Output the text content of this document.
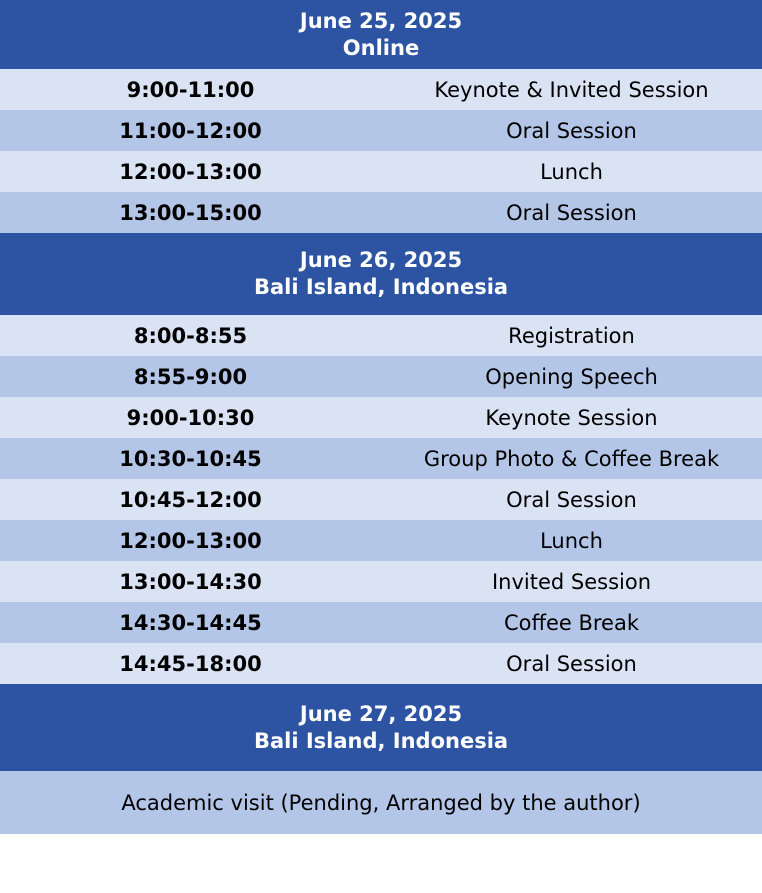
June 25, 2025
Online	

9:00-11:00	Keynote & Invited Session
11:00-12:00	Oral Session
12:00-13:00	Lunch
13:00-15:00	Oral Session

June 26, 2025
Bali Island, Indonesia	

8:00-8:55	Registration
8:55-9:00	Opening Speech
9:00-10:30	Keynote Session
10:30-10:45	Group Photo & Coffee Break
10:45-12:00	Oral Session
12:00-13:00	Lunch
13:00-14:30	Invited Session
14:30-14:45	Coffee Break
14:45-18:00	Oral Session

June 27, 2025
Bali Island, Indonesia	

Academic visit (Pending, Arranged by the author)	
